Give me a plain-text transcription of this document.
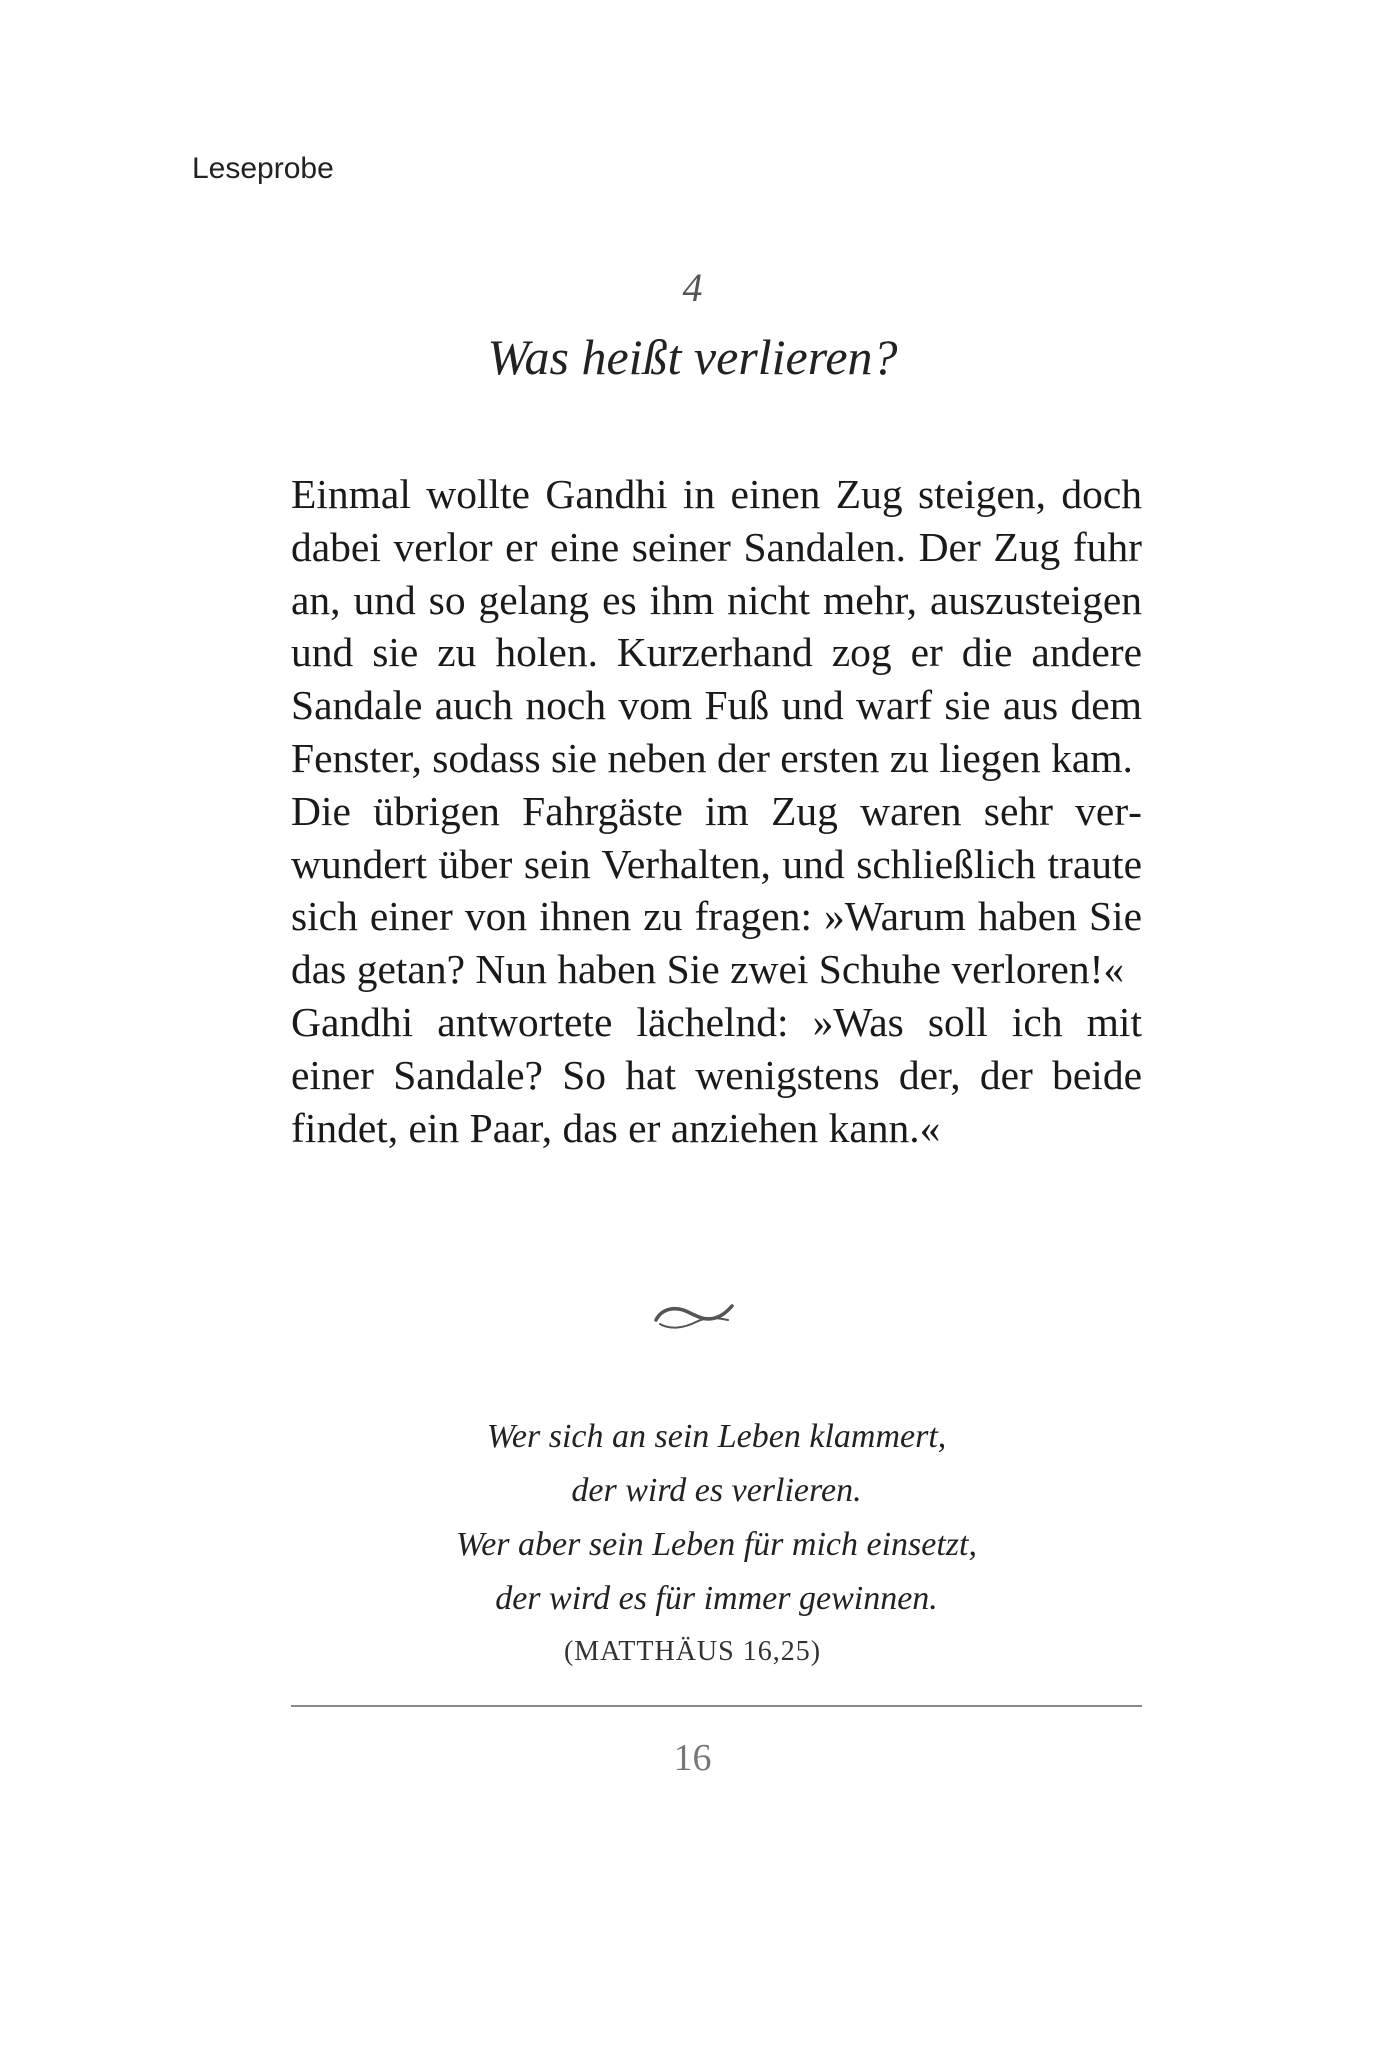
Leseprobe
4
Was heißt verlieren?

Einmal wollte Gandhi in einen Zug steigen, doch dabei verlor er eine seiner Sandalen. Der Zug fuhr an, und so gelang es ihm nicht mehr, auszusteigen und sie zu holen. Kurzerhand zog er die andere Sandale auch noch vom Fuß und warf sie aus dem Fenster, sodass sie neben der ersten zu liegen kam.

Die übrigen Fahrgäste im Zug waren sehr verwundert über sein Verhalten, und schließlich traute sich einer von ihnen zu fragen: »Warum haben Sie das getan? Nun haben Sie zwei Schuhe verloren!«

Gandhi antwortete lächelnd: »Was soll ich mit einer Sandale? So hat wenigstens der, der beide findet, ein Paar, das er anziehen kann.«

Wer sich an sein Leben klammert,
der wird es verlieren.
Wer aber sein Leben für mich einsetzt,
der wird es für immer gewinnen.
(MATTHÄUS 16,25)
16
